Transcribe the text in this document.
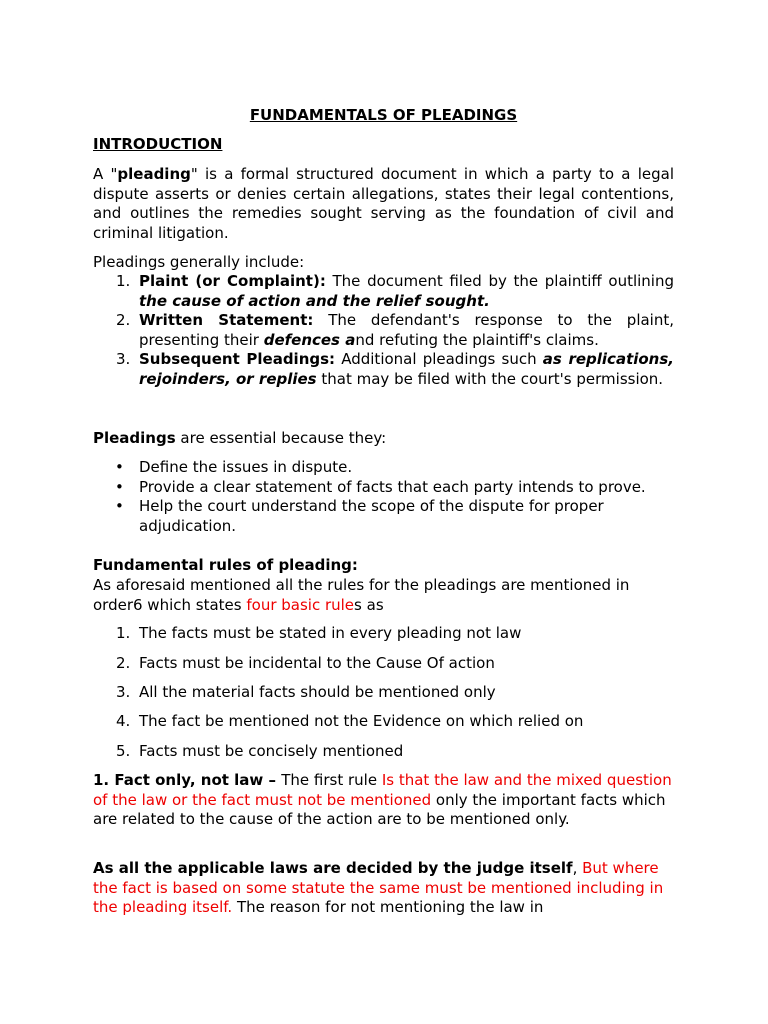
FUNDAMENTALS OF PLEADINGS

INTRODUCTION

A "pleading" is a formal structured document in which a party to a legal dispute asserts or denies certain allegations, states their legal contentions, and outlines the remedies sought serving as the foundation of civil and criminal litigation.

Pleadings generally include:

1. Plaint (or Complaint): The document filed by the plaintiff outlining the cause of action and the relief sought.
2. Written Statement: The defendant's response to the plaint, presenting their defences and refuting the plaintiff's claims.
3. Subsequent Pleadings: Additional pleadings such as replications, rejoinders, or replies that may be filed with the court's permission.

Pleadings are essential because they:

• Define the issues in dispute.
• Provide a clear statement of facts that each party intends to prove.
• Help the court understand the scope of the dispute for proper adjudication.

Fundamental rules of pleading:

As aforesaid mentioned all the rules for the pleadings are mentioned in order6 which states four basic rules as

1. The facts must be stated in every pleading not law
2. Facts must be incidental to the Cause Of action
3. All the material facts should be mentioned only
4. The fact be mentioned not the Evidence on which relied on
5. Facts must be concisely mentioned

1. Fact only, not law – The first rule Is that the law and the mixed question of the law or the fact must not be mentioned only the important facts which are related to the cause of the action are to be mentioned only.

As all the applicable laws are decided by the judge itself, But where the fact is based on some statute the same must be mentioned including in the pleading itself. The reason for not mentioning the law in
